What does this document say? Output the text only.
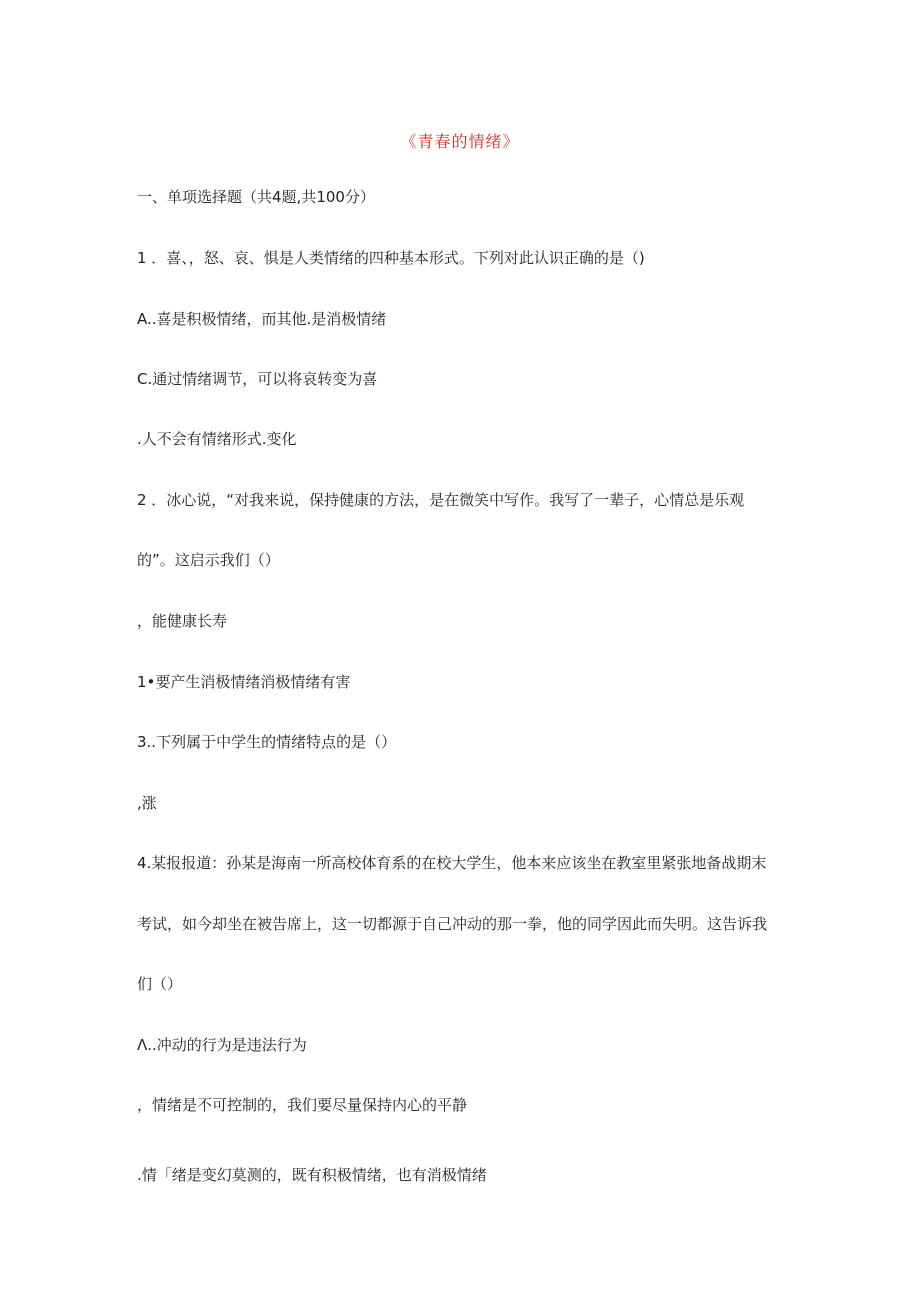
《青春的情绪》
一、单项选择题（共4题,共100分）
1 ．喜、，怒、哀、惧是人类情绪的四种基本形式。下列对此认识正确的是（)
A..喜是积极情绪，而其他.是消极情绪
C.通过情绪调节，可以将哀转变为喜
.人不会有情绪形式.变化
2 ．冰心说，“对我来说，保持健康的方法，是在微笑中写作。我写了一辈子，心情总是乐观
的”。这启示我们（）
，能健康长寿
1•要产生消极情绪消极情绪有害
3..下列属于中学生的情绪特点的是（）
,涨
4.某报报道：孙某是海南一所高校体育系的在校大学生，他本来应该坐在教室里紧张地备战期末
考试，如今却坐在被告席上，这一切都源于自己冲动的那一拳，他的同学因此而失明。这告诉我
们（）
Λ..冲动的行为是违法行为
，情绪是不可控制的，我们要尽量保持内心的平静
.情「绪是变幻莫测的，既有积极情绪，也有消极情绪
